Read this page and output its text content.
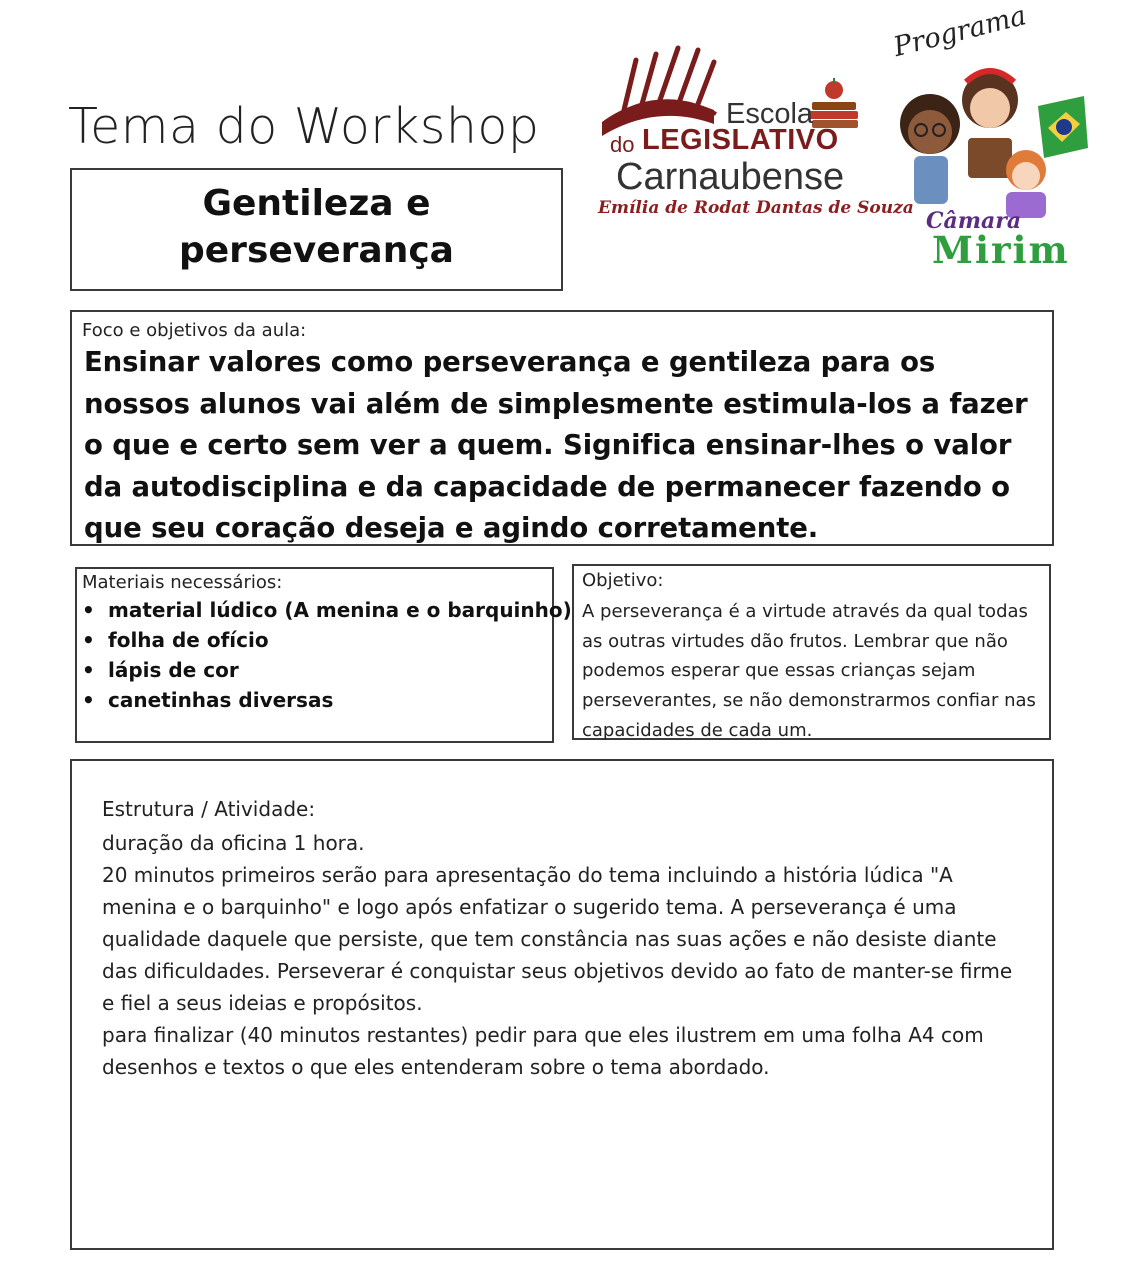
Tema do Workshop
Gentileza e perseverança
Escola
do LEGISLATIVO
Carnaubense
Emília de Rodat Dantas de Souza
Programa
Câmara
Mirim
Foco e objetivos da aula:
Ensinar valores como perseverança e gentileza para os nossos alunos vai além de simplesmente estimula-los a fazer o que e certo sem ver a quem. Significa ensinar-lhes o valor da autodisciplina e da capacidade de permanecer fazendo o que seu coração deseja e agindo corretamente.
Materiais necessários:
• material lúdico (A menina e o barquinho)
• folha de ofício
• lápis de cor
• canetinhas diversas
Objetivo:
A perseverança é a virtude através da qual todas as outras virtudes dão frutos. Lembrar que não podemos esperar que essas crianças sejam perseverantes, se não demonstrarmos confiar nas capacidades de cada um.
Estrutura / Atividade:

duração da oficina 1 hora.

20 minutos primeiros serão para apresentação do tema incluindo a história lúdica "A menina e o barquinho" e logo após enfatizar o sugerido tema. A perseverança é uma qualidade daquele que persiste, que tem constância nas suas ações e não desiste diante das dificuldades. Perseverar é conquistar seus objetivos devido ao fato de manter-se firme e fiel a seus ideias e propósitos.

para finalizar (40 minutos restantes) pedir para que eles ilustrem em uma folha A4 com desenhos e textos o que eles entenderam sobre o tema abordado.
